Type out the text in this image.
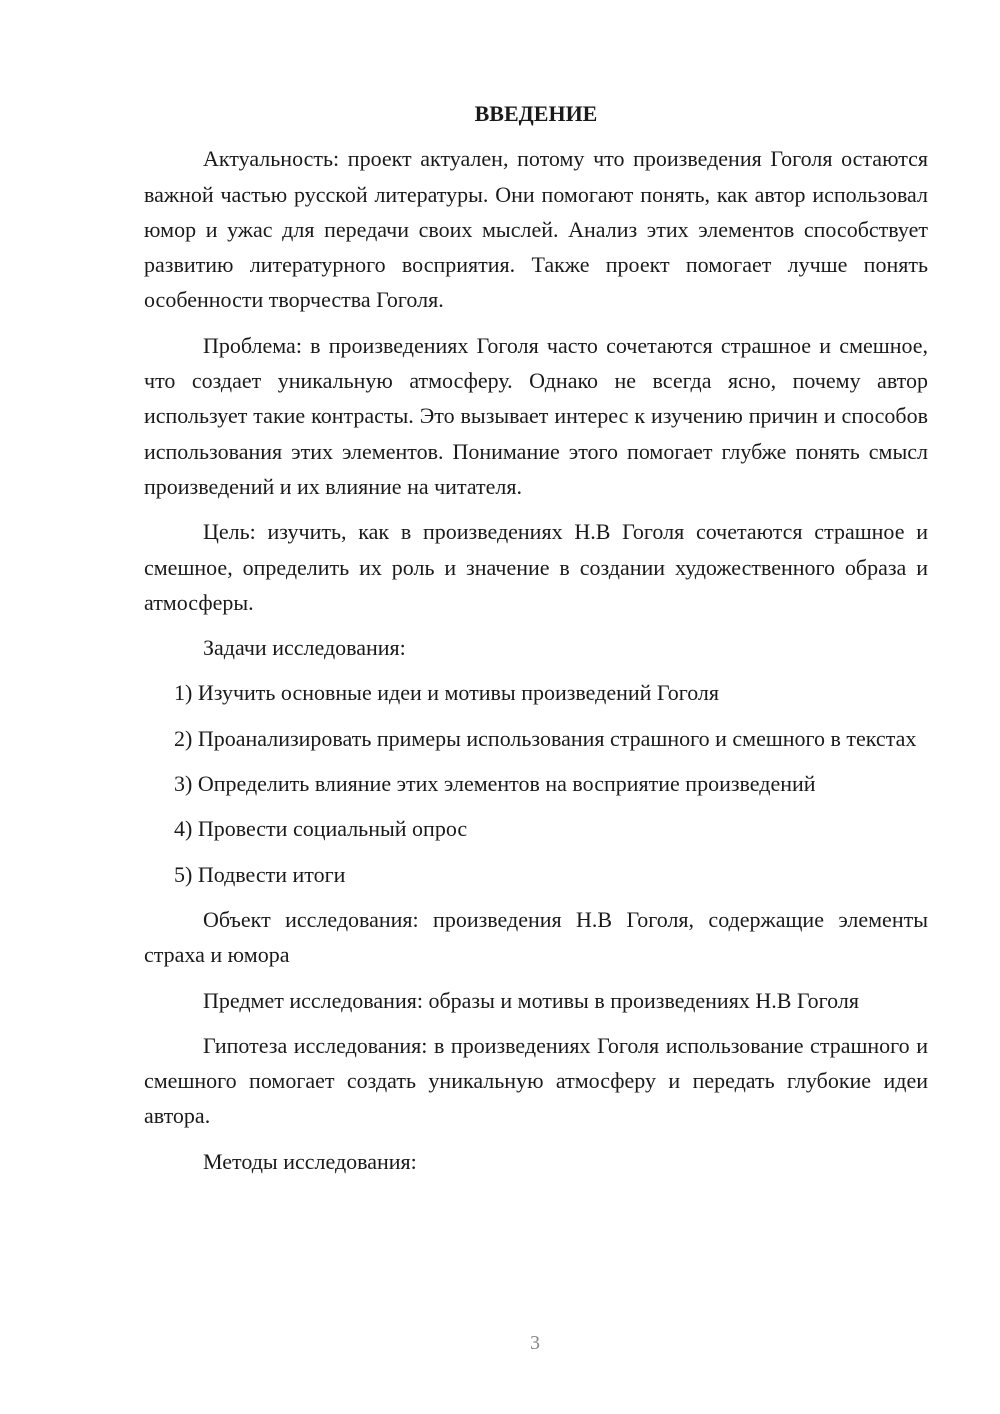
ВВЕДЕНИЕ

Актуальность: проект актуален, потому что произведения Гоголя остаются важной частью русской литературы. Они помогают понять, как автор использовал юмор и ужас для передачи своих мыслей. Анализ этих элементов способствует развитию литературного восприятия. Также проект помогает лучше понять особенности творчества Гоголя.

Проблема: в произведениях Гоголя часто сочетаются страшное и смешное, что создает уникальную атмосферу. Однако не всегда ясно, почему автор использует такие контрасты. Это вызывает интерес к изучению причин и способов использования этих элементов. Понимание этого помогает глубже понять смысл произведений и их влияние на читателя.

Цель: изучить, как в произведениях Н.В Гоголя сочетаются страшное и смешное, определить их роль и значение в создании художественного образа и атмосферы.

Задачи исследования:

1) Изучить основные идеи и мотивы произведений Гоголя

2) Проанализировать примеры использования страшного и смешного в текстах

3) Определить влияние этих элементов на восприятие произведений

4) Провести социальный опрос

5) Подвести итоги

Объект исследования: произведения Н.В Гоголя, содержащие элементы страха и юмора

Предмет исследования: образы и мотивы в произведениях Н.В Гоголя

Гипотеза исследования: в произведениях Гоголя использование страшного и смешного помогает создать уникальную атмосферу и передать глубокие идеи автора.

Методы исследования:

3
